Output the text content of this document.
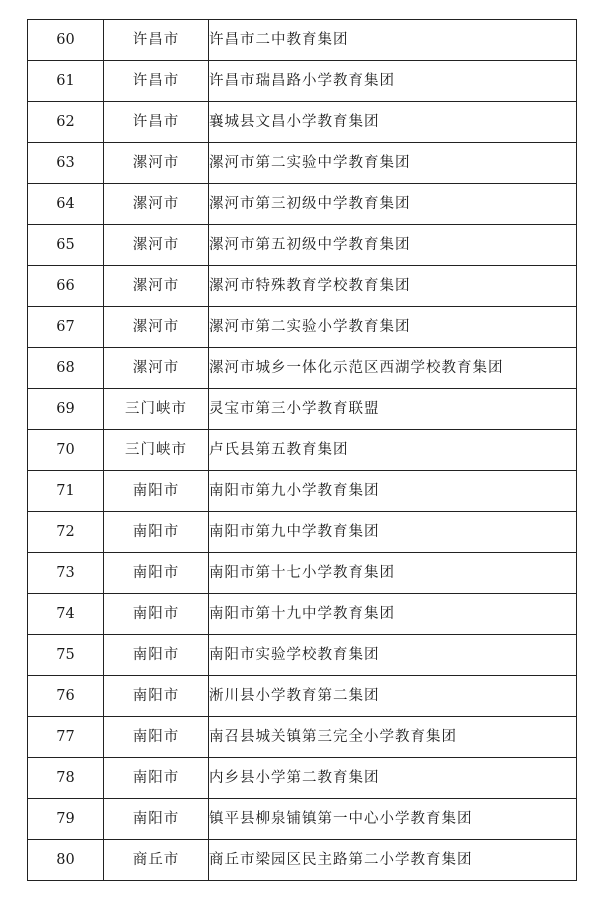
60	许昌市	许昌市二中教育集团
61	许昌市	许昌市瑞昌路小学教育集团
62	许昌市	襄城县文昌小学教育集团
63	漯河市	漯河市第二实验中学教育集团
64	漯河市	漯河市第三初级中学教育集团
65	漯河市	漯河市第五初级中学教育集团
66	漯河市	漯河市特殊教育学校教育集团
67	漯河市	漯河市第二实验小学教育集团
68	漯河市	漯河市城乡一体化示范区西湖学校教育集团
69	三门峡市	灵宝市第三小学教育联盟
70	三门峡市	卢氏县第五教育集团
71	南阳市	南阳市第九小学教育集团
72	南阳市	南阳市第九中学教育集团
73	南阳市	南阳市第十七小学教育集团
74	南阳市	南阳市第十九中学教育集团
75	南阳市	南阳市实验学校教育集团
76	南阳市	淅川县小学教育第二集团
77	南阳市	南召县城关镇第三完全小学教育集团
78	南阳市	内乡县小学第二教育集团
79	南阳市	镇平县柳泉铺镇第一中心小学教育集团
80	商丘市	商丘市梁园区民主路第二小学教育集团
